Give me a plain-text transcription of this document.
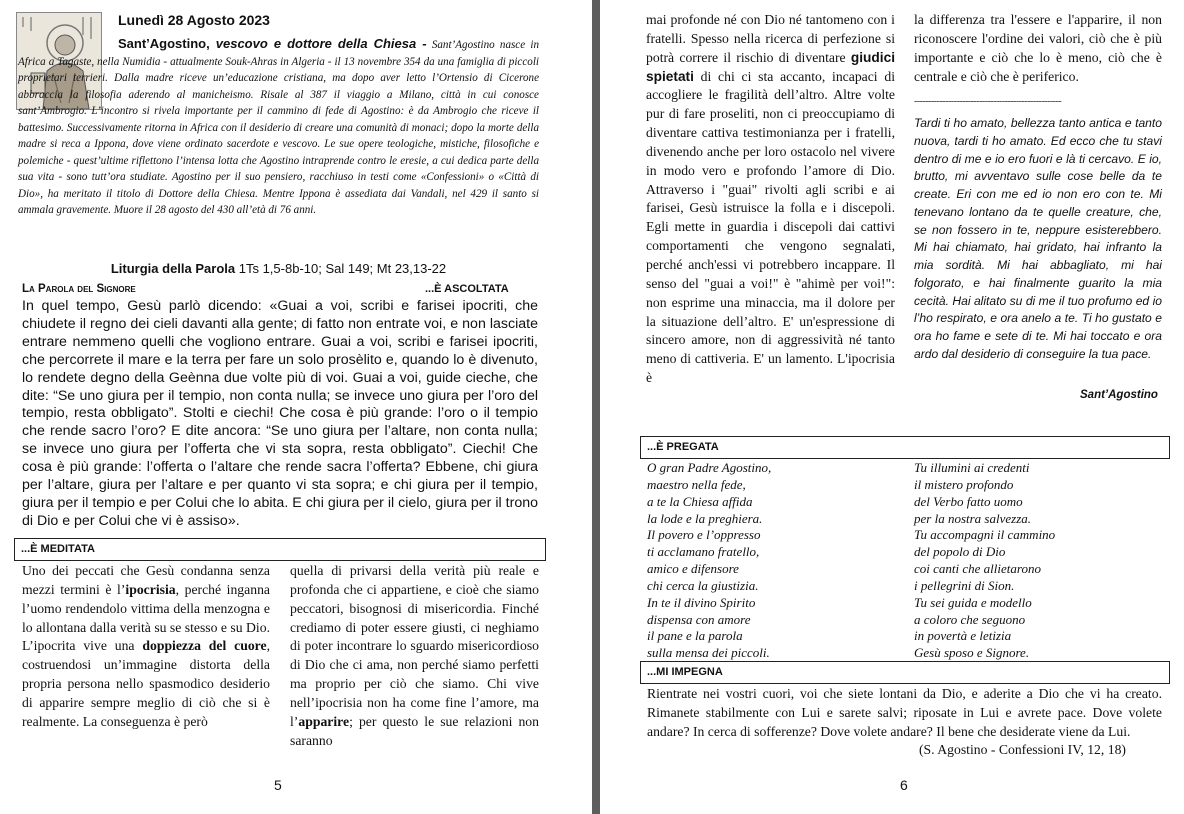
Lunedì 28 Agosto 2023
Sant’Agostino, vescovo e dottore della Chiesa - Sant’Agostino nasce in Africa a Tagaste, nella Numidia - attualmente Souk-Ahras in Algeria - il 13 novembre 354 da una famiglia di piccoli proprietari terrieri. Dalla madre riceve un’educazione cristiana, ma dopo aver letto l’Ortensio di Cicerone abbraccia la filosofia aderendo al manicheismo. Risale al 387 il viaggio a Milano, città in cui conosce sant’Ambrogio. L’incontro si rivela importante per il cammino di fede di Agostino: è da Ambrogio che riceve il battesimo. Successivamente ritorna in Africa con il desiderio di creare una comunità di monaci; dopo la morte della madre si reca a Ippona, dove viene ordinato sacerdote e vescovo. Le sue opere teologiche, mistiche, filosofiche e polemiche - quest’ultime riflettono l’intensa lotta che Agostino intraprende contro le eresie, a cui dedica parte della sua vita - sono tutt’ora studiate. Agostino per il suo pensiero, racchiuso in testi come «Confessioni» o «Città di Dio», ha meritato il titolo di Dottore della Chiesa. Mentre Ippona è assediata dai Vandali, nel 429 il santo si ammala gravemente. Muore il 28 agosto del 430 all’età di 76 anni.
Liturgia della Parola 1Ts 1,5-8b-10; Sal 149; Mt 23,13-22
La Parola del Signore	...È ASCOLTATA
In quel tempo, Gesù parlò dicendo: «Guai a voi, scribi e farisei ipocriti, che chiudete il regno dei cieli davanti alla gente; di fatto non entrate voi, e non lasciate entrare nemmeno quelli che vogliono entrare. Guai a voi, scribi e farisei ipocriti, che percorrete il mare e la terra per fare un solo prosèlito e, quando lo è divenuto, lo rendete degno della Geènna due volte più di voi. Guai a voi, guide cieche, che dite: “Se uno giura per il tempio, non conta nulla; se invece uno giura per l’oro del tempio, resta obbligato”. Stolti e ciechi! Che cosa è più grande: l’oro o il tempio che rende sacro l’oro? E dite ancora: “Se uno giura per l’altare, non conta nulla; se invece uno giura per l’offerta che vi sta sopra, resta obbligato”. Ciechi! Che cosa è più grande: l’offerta o l’altare che rende sacra l’offerta? Ebbene, chi giura per l’altare, giura per l’altare e per quanto vi sta sopra; e chi giura per il tempio, giura per il tempio e per Colui che lo abita. E chi giura per il cielo, giura per il trono di Dio e per Colui che vi è assiso».
...È MEDITATA
Uno dei peccati che Gesù condanna senza mezzi termini è l’ipocrisia, perché inganna l’uomo rendendolo vittima della menzogna e lo allontana dalla verità su se stesso e su Dio. L’ipocrita vive una doppiezza del cuore, costruendosi un’immagine distorta della propria persona nello spasmodico desiderio di apparire sempre meglio di ciò che si è realmente. La conseguenza è però
quella di privarsi della verità più reale e profonda che ci appartiene, e cioè che siamo peccatori, bisognosi di misericordia. Finché crediamo di poter essere giusti, ci neghiamo di poter incontrare lo sguardo misericordioso di Dio che ci ama, non perché siamo perfetti ma proprio per ciò che siamo. Chi vive nell’ipocrisia non ha come fine l’amore, ma l’apparire; per questo le sue relazioni non saranno
5
mai profonde né con Dio né tantomeno con i fratelli. Spesso nella ricerca di perfezione si potrà correre il rischio di diventare giudici spietati di chi ci sta accanto, incapaci di accogliere le fragilità dell’altro. Altre volte pur di fare proseliti, non ci preoccupiamo di diventare cattiva testimonianza per i fratelli, divenendo anche per loro ostacolo nel vivere in modo vero e profondo l’amore di Dio. Attraverso i "guai" rivolti agli scribi e ai farisei, Gesù istruisce la folla e i discepoli. Egli mette in guardia i discepoli dai cattivi comportamenti che vengono segnalati, perché anch'essi vi potrebbero incappare. Il senso del "guai a voi!" è "ahimè per voi!": non esprime una minaccia, ma il dolore per la situazione dell’altro. E' un'espressione di sincero amore, non di aggressività né tanto meno di cattiveria. E' un lamento. L'ipocrisia è
la differenza tra l'essere e l'apparire, il non riconoscere l'ordine dei valori, ciò che è più importante e ciò che lo è meno, ciò che è centrale e ciò che è periferico.
----------------------------------------------------
Tardi ti ho amato, bellezza tanto antica e tanto nuova, tardi ti ho amato. Ed ecco che tu stavi dentro di me e io ero fuori e là ti cercavo. E io, brutto, mi avventavo sulle cose belle da te create. Eri con me ed io non ero con te. Mi tenevano lontano da te quelle creature, che, se non fossero in te, neppure esisterebbero. Mi hai chiamato, hai gridato, hai infranto la mia sordità. Mi hai abbagliato, mi hai folgorato, e hai finalmente guarito la mia cecità. Hai alitato su di me il tuo profumo ed io l’ho respirato, e ora anelo a te. Ti ho gustato e ora ho fame e sete di te. Mi hai toccato e ora ardo dal desiderio di conseguire la tua pace.
Sant’Agostino
...È PREGATA
O gran Padre Agostino,
maestro nella fede,
a te la Chiesa affida
la lode e la preghiera.
Il povero e l’oppresso
ti acclamano fratello,
amico e difensore
chi cerca la giustizia.
In te il divino Spirito
dispensa con amore
il pane e la parola
sulla mensa dei piccoli.
Tu illumini ai credenti
il mistero profondo
del Verbo fatto uomo
per la nostra salvezza.
Tu accompagni il cammino
del popolo di Dio
coi canti che allietarono
i pellegrini di Sion.
Tu sei guida e modello
a coloro che seguono
in povertà e letizia
Gesù sposo e Signore.
...MI IMPEGNA
Rientrate nei vostri cuori, voi che siete lontani da Dio, e aderite a Dio che vi ha creato. Rimanete stabilmente con Lui e sarete salvi; riposate in Lui e avrete pace. Dove volete andare? In cerca di sofferenze? Dove volete andare? Il bene che desiderate viene da Lui.
(S. Agostino - Confessioni IV, 12, 18)
6
